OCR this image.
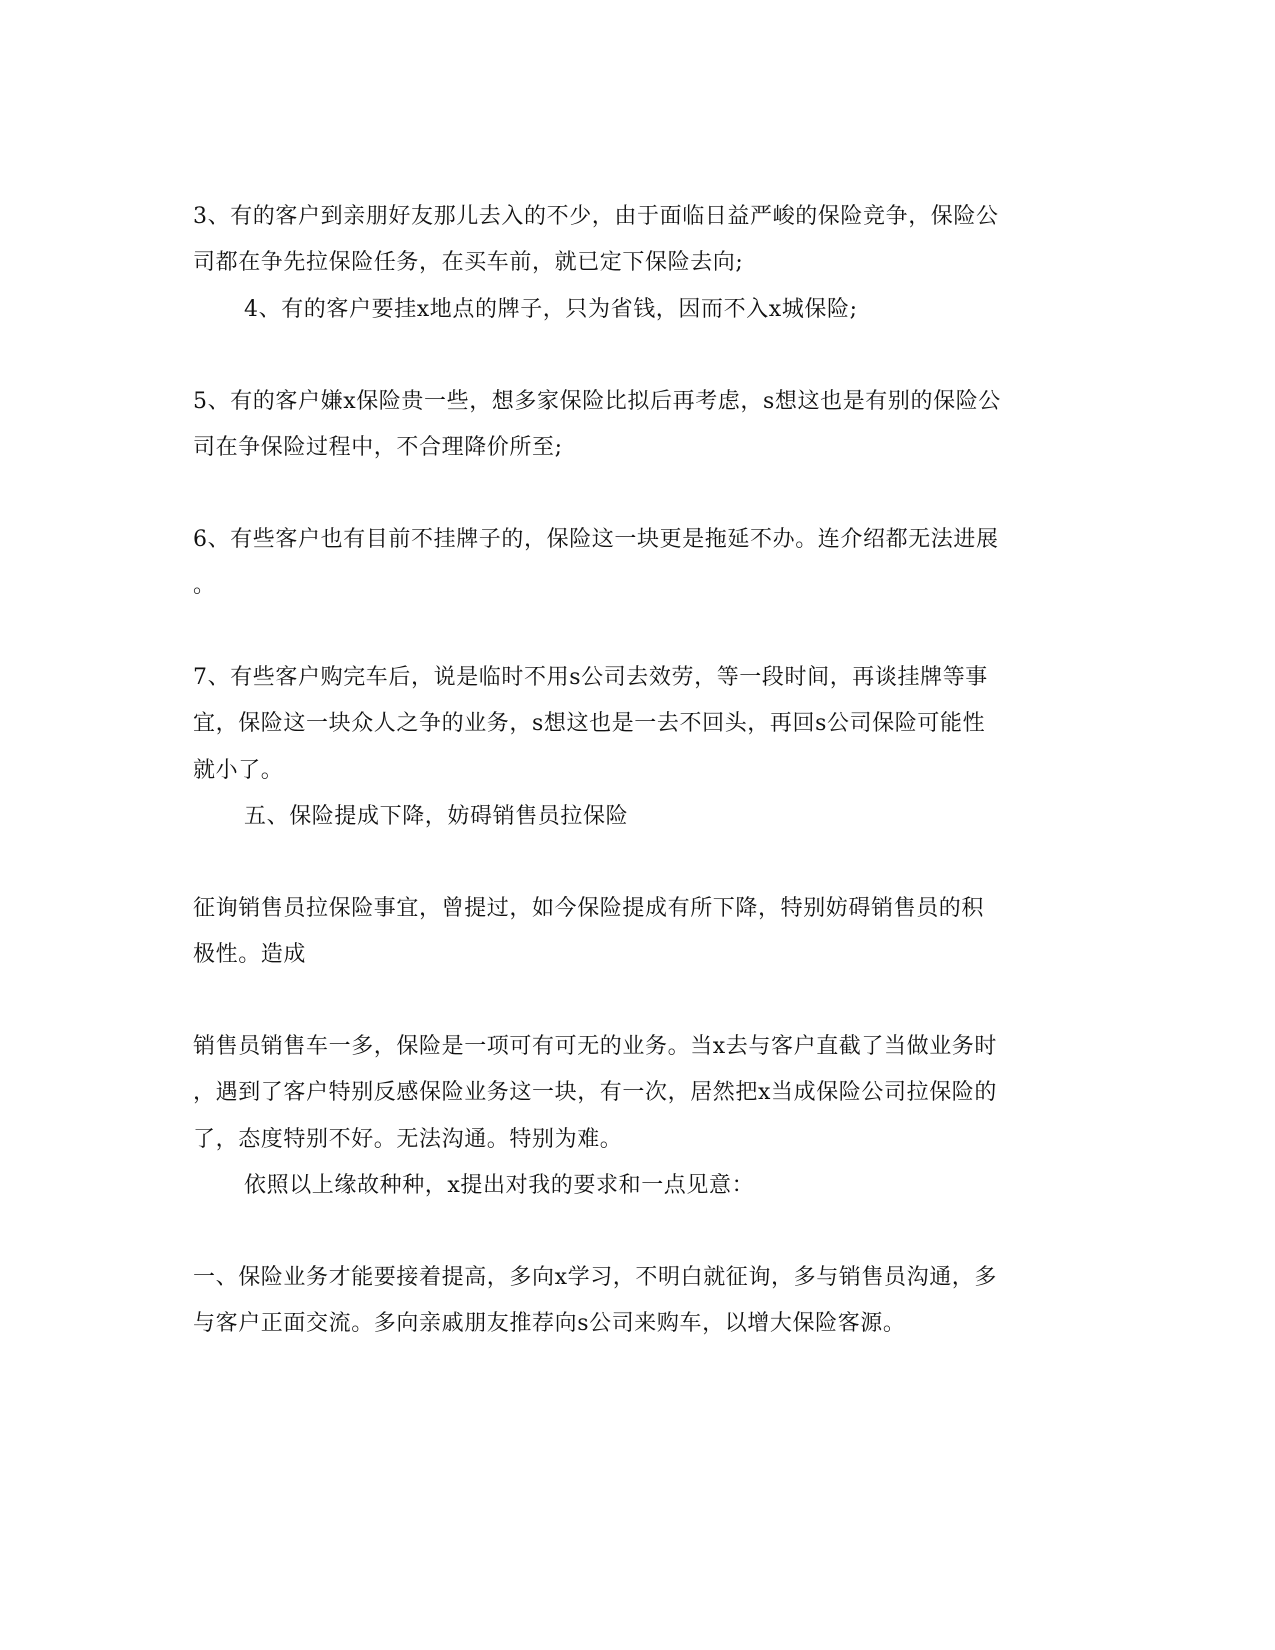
3、有的客户到亲朋好友那儿去入的不少，由于面临日益严峻的保险竞争，保险公
司都在争先拉保险任务，在买车前，就已定下保险去向;
4、有的客户要挂x地点的牌子，只为省钱，因而不入x城保险;
5、有的客户嫌x保险贵一些，想多家保险比拟后再考虑，s想这也是有别的保险公
司在争保险过程中，不合理降价所至;
6、有些客户也有目前不挂牌子的，保险这一块更是拖延不办。连介绍都无法进展
。
7、有些客户购完车后，说是临时不用s公司去效劳，等一段时间，再谈挂牌等事
宜，保险这一块众人之争的业务，s想这也是一去不回头，再回s公司保险可能性
就小了。
五、保险提成下降，妨碍销售员拉保险
征询销售员拉保险事宜，曾提过，如今保险提成有所下降，特别妨碍销售员的积
极性。造成
销售员销售车一多，保险是一项可有可无的业务。当x去与客户直截了当做业务时
，遇到了客户特别反感保险业务这一块，有一次，居然把x当成保险公司拉保险的
了，态度特别不好。无法沟通。特别为难。
依照以上缘故种种，x提出对我的要求和一点见意：
一、保险业务才能要接着提高，多向x学习，不明白就征询，多与销售员沟通，多
与客户正面交流。多向亲戚朋友推荐向s公司来购车，以增大保险客源。
